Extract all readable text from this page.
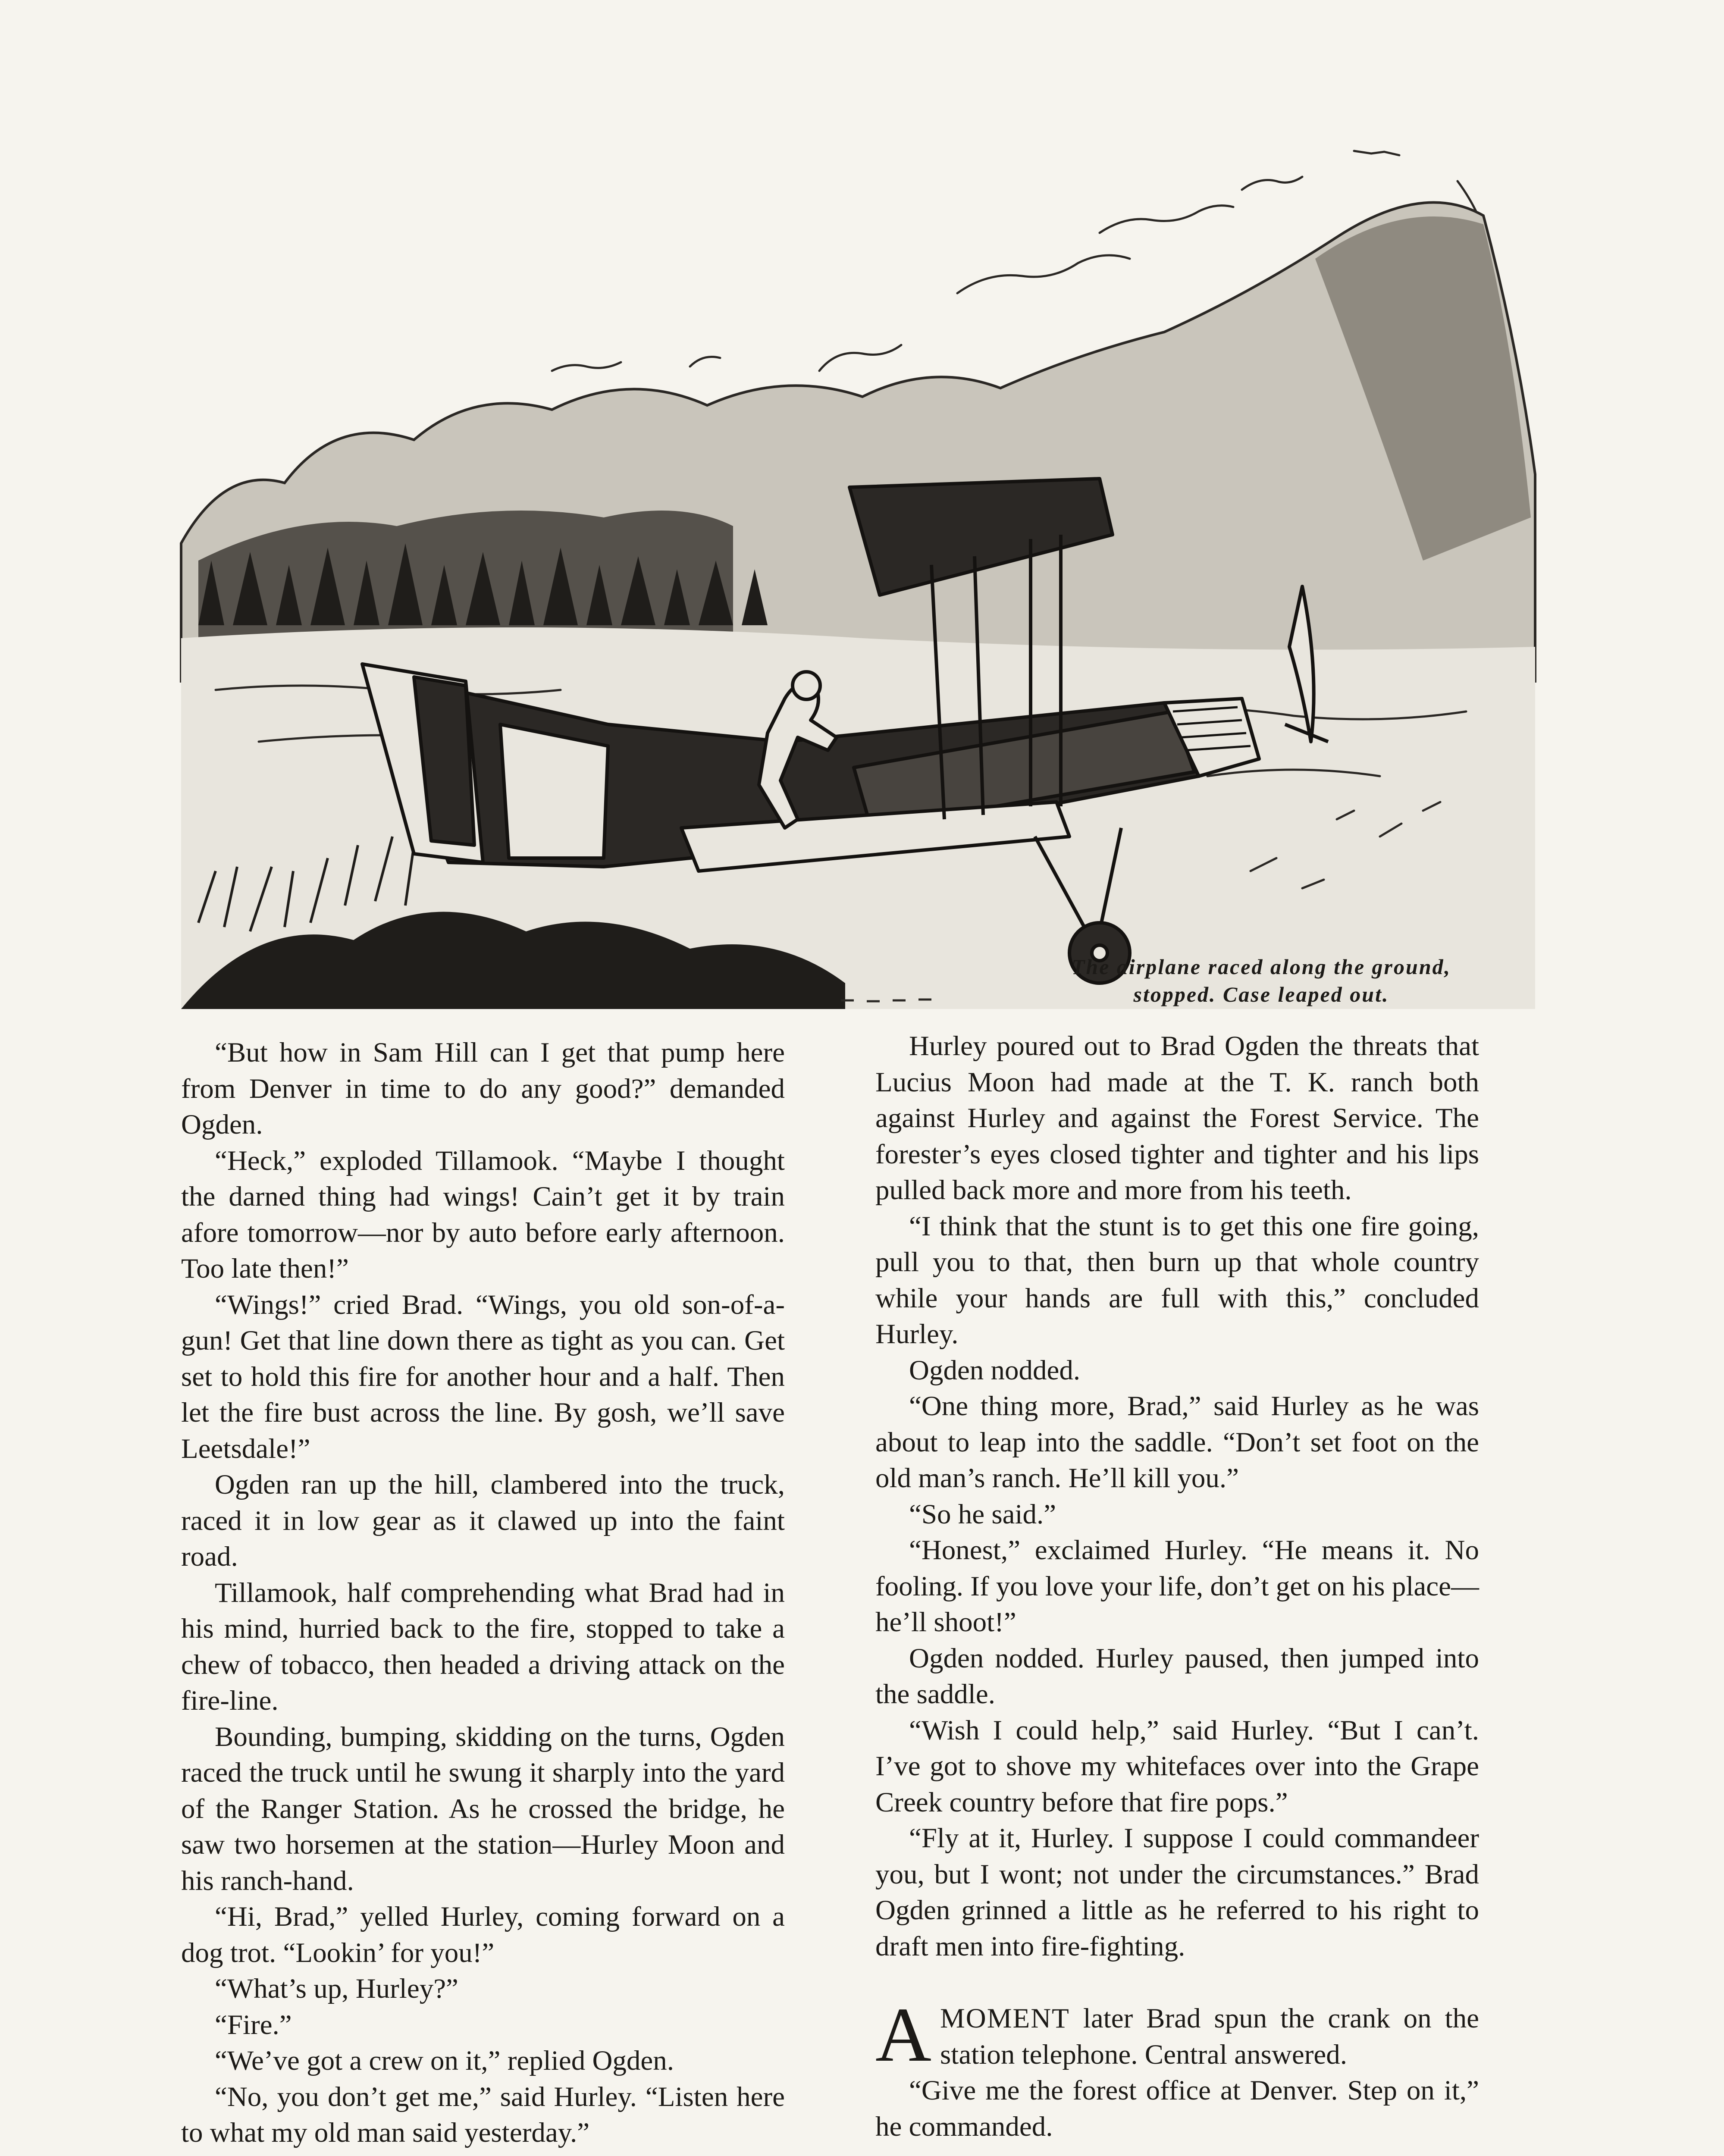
The airplane raced along the ground,
stopped. Case leaped out.

“But how in Sam Hill can I get that pump here from Denver in time to do any good?” demanded Ogden.

“Heck,” exploded Tillamook. “Maybe I thought the darned thing had wings! Cain’t get it by train afore tomorrow—nor by auto before early afternoon. Too late then!”

“Wings!” cried Brad. “Wings, you old son-of-a-gun! Get that line down there as tight as you can. Get set to hold this fire for another hour and a half. Then let the fire bust across the line. By gosh, we’ll save Leetsdale!”

Ogden ran up the hill, clambered into the truck, raced it in low gear as it clawed up into the faint road.

Tillamook, half comprehending what Brad had in his mind, hurried back to the fire, stopped to take a chew of tobacco, then headed a driving attack on the fire-line.

Bounding, bumping, skidding on the turns, Ogden raced the truck until he swung it sharply into the yard of the Ranger Station. As he crossed the bridge, he saw two horsemen at the station—Hurley Moon and his ranch-hand.

“Hi, Brad,” yelled Hurley, coming forward on a dog trot. “Lookin’ for you!”

“What’s up, Hurley?”

“Fire.”

“We’ve got a crew on it,” replied Ogden.

“No, you don’t get me,” said Hurley. “Listen here to what my old man said yesterday.”

Hurley poured out to Brad Ogden the threats that Lucius Moon had made at the T. K. ranch both against Hurley and against the Forest Service. The forester’s eyes closed tighter and tighter and his lips pulled back more and more from his teeth.

“I think that the stunt is to get this one fire going, pull you to that, then burn up that whole country while your hands are full with this,” concluded Hurley.

Ogden nodded.

“One thing more, Brad,” said Hurley as he was about to leap into the saddle. “Don’t set foot on the old man’s ranch. He’ll kill you.”

“So he said.”

“Honest,” exclaimed Hurley. “He means it. No fooling. If you love your life, don’t get on his place—he’ll shoot!”

Ogden nodded. Hurley paused, then jumped into the saddle.

“Wish I could help,” said Hurley. “But I can’t. I’ve got to shove my whitefaces over into the Grape Creek country before that fire pops.”

“Fly at it, Hurley. I suppose I could commandeer you, but I wont; not under the circumstances.” Brad Ogden grinned a little as he referred to his right to draft men into fire-fighting.

AMOMENT later Brad spun the crank on the station telephone. Central answered.

“Give me the forest office at Denver. Step on it,” he commanded.
